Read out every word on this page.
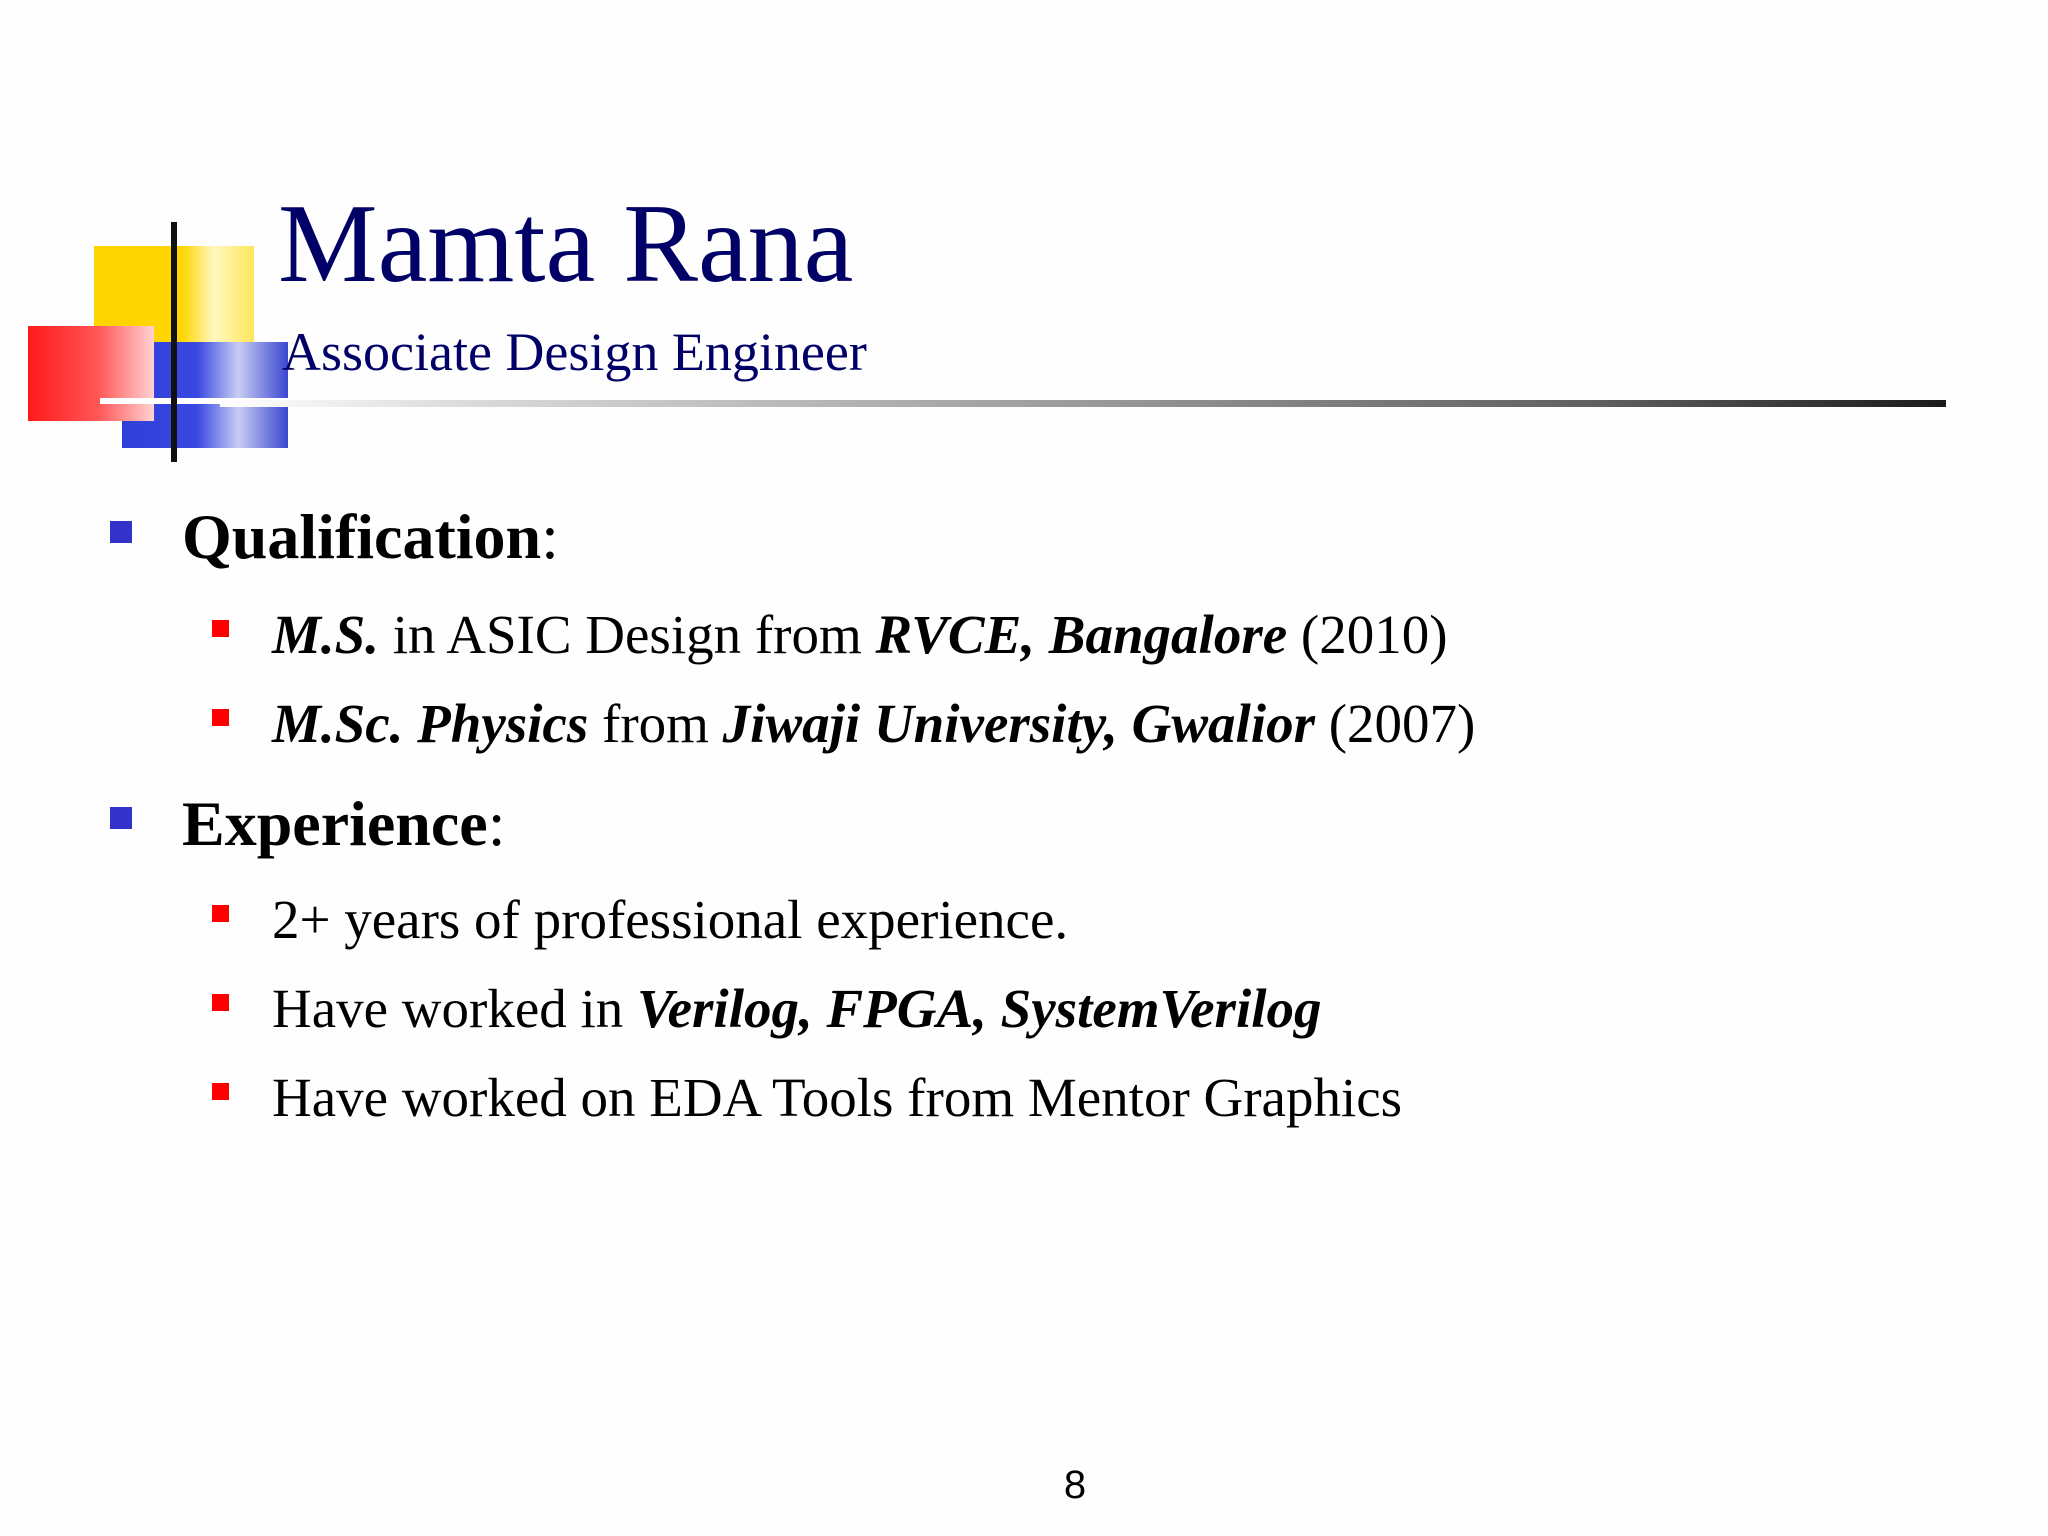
Mamta Rana
Associate Design Engineer
Qualification:
M.S. in ASIC Design from RVCE, Bangalore (2010)
M.Sc. Physics from Jiwaji University, Gwalior (2007)
Experience:
2+ years of professional experience.
Have worked in Verilog, FPGA, SystemVerilog
Have worked on EDA Tools from Mentor Graphics
8
